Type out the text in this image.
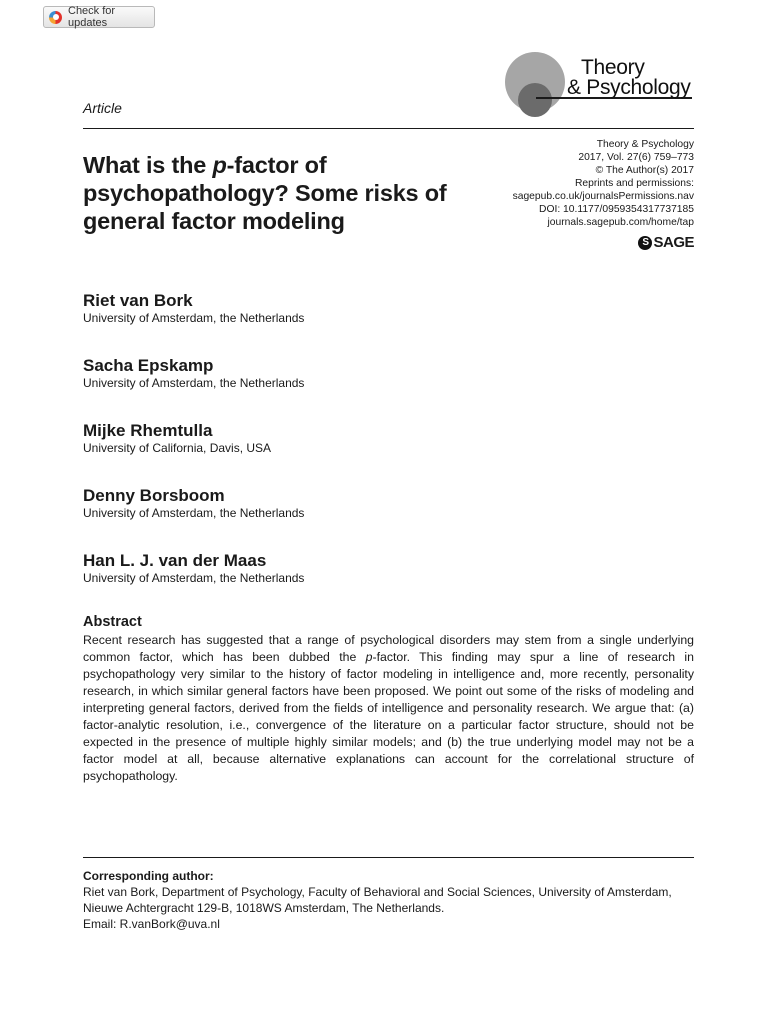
Check for updates
Theory
& Psychology
Article
What is the p-factor of psychopathology? Some risks of general factor modeling
Theory & Psychology
2017, Vol. 27(6) 759–773
© The Author(s) 2017
Reprints and permissions:
sagepub.co.uk/journalsPermissions.nav
DOI: 10.1177/0959354317737185
journals.sagepub.com/home/tap
S SAGE
Riet van Bork
University of Amsterdam, the Netherlands
Sacha Epskamp
University of Amsterdam, the Netherlands
Mijke Rhemtulla
University of California, Davis, USA
Denny Borsboom
University of Amsterdam, the Netherlands
Han L. J. van der Maas
University of Amsterdam, the Netherlands
Abstract

Recent research has suggested that a range of psychological disorders may stem from a single underlying common factor, which has been dubbed the p-factor. This finding may spur a line of research in psychopathology very similar to the history of factor modeling in intelligence and, more recently, personality research, in which similar general factors have been proposed. We point out some of the risks of modeling and interpreting general factors, derived from the fields of intelligence and personality research. We argue that: (a) factor-analytic resolution, i.e., convergence of the literature on a particular factor structure, should not be expected in the presence of multiple highly similar models; and (b) the true underlying model may not be a factor model at all, because alternative explanations can account for the correlational structure of psychopathology.

Corresponding author:
Riet van Bork, Department of Psychology, Faculty of Behavioral and Social Sciences, University of Amsterdam, Nieuwe Achtergracht 129-B, 1018WS Amsterdam, The Netherlands.
Email: R.vanBork@uva.nl
